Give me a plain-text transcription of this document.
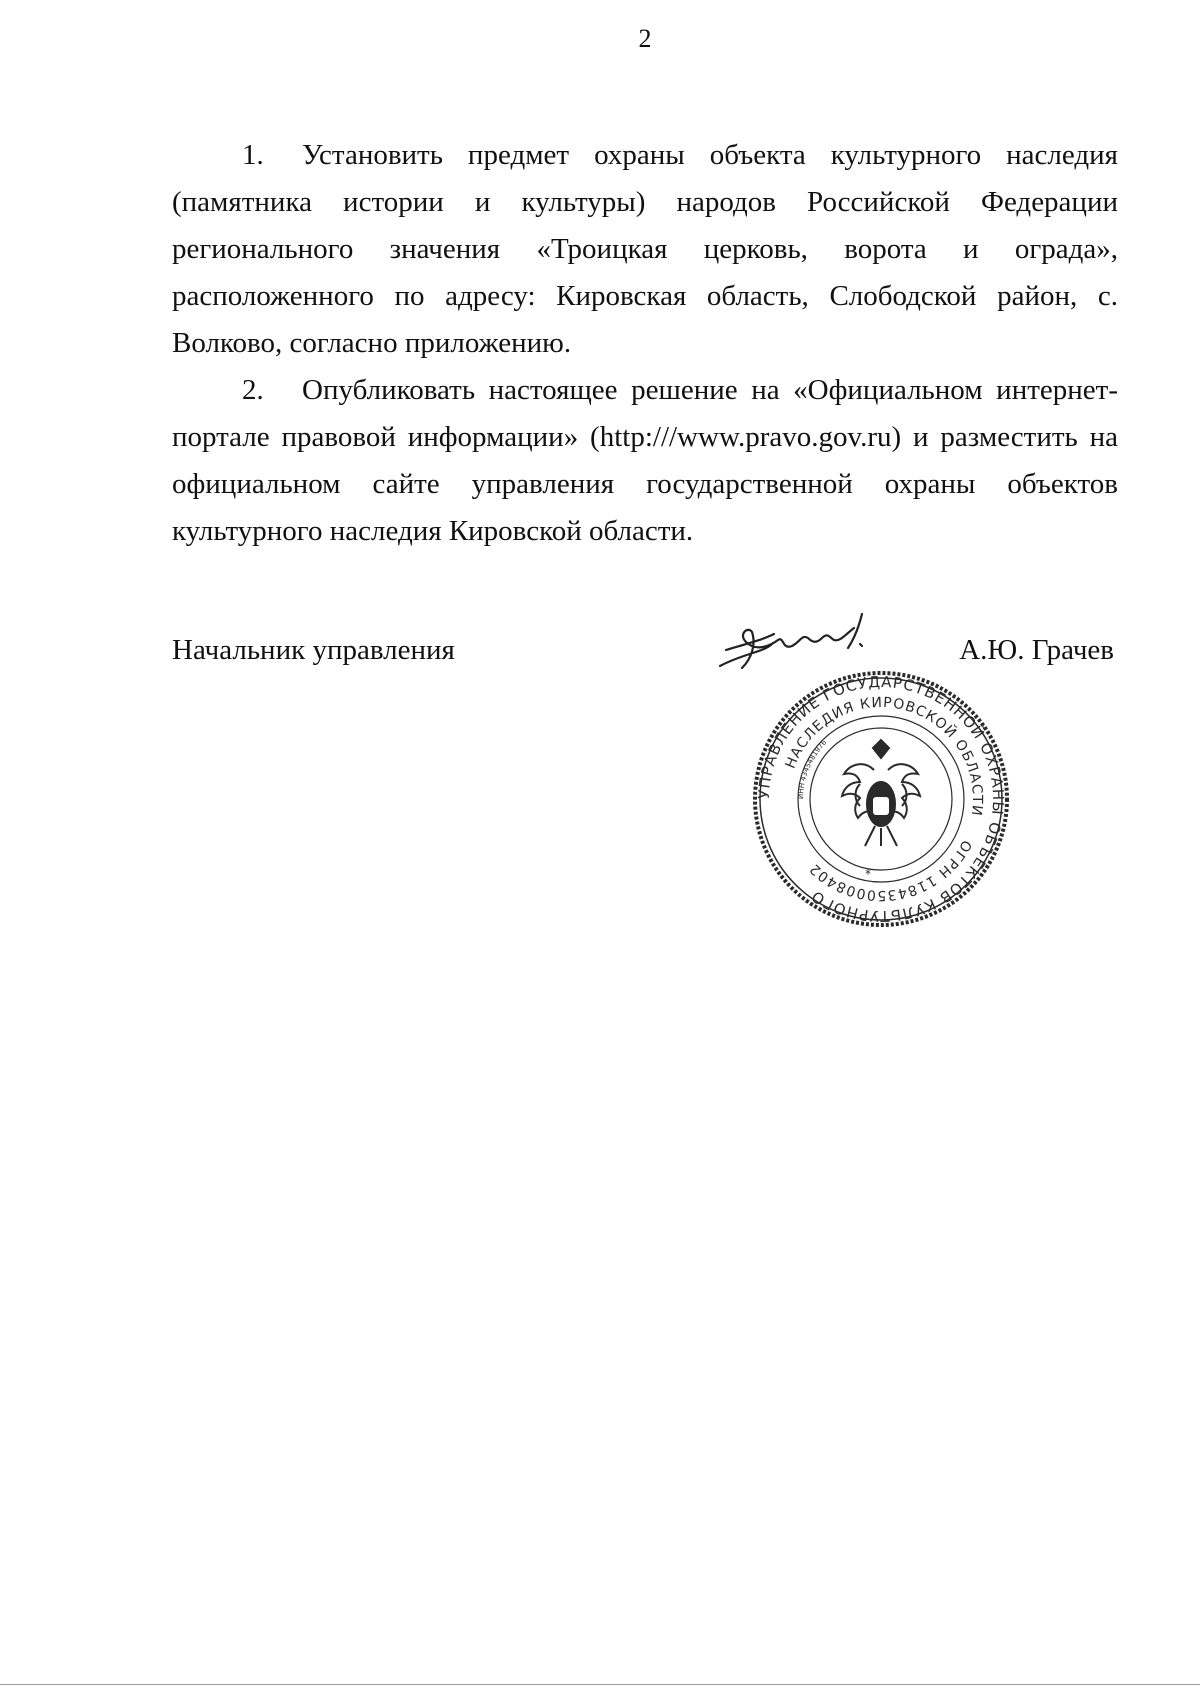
2

1. Установить предмет охраны объекта культурного наследия (памятника истории и культуры) народов Российской Федерации регионального значения «Троицкая церковь, ворота и ограда», расположенного по адресу: Кировская область, Слободской район, с. Волково, согласно приложению.

2. Опубликовать настоящее решение на «Официальном интернет-портале правовой информации» (http:///www.pravo.gov.ru) и разместить на официальном сайте управления государственной охраны объектов культурного наследия Кировской области.

Начальник управления	А.Ю. Грачев
УПРАВЛЕНИЕ ГОСУДАРСТВЕННОЙ ОХРАНЫ ОБЪЕКТОВ КУЛЬТУРНОГО
НАСЛЕДИЯ КИРОВСКОЙ ОБЛАСТИ
ОГРН 1184350008402
ИНН 4345481976
*
